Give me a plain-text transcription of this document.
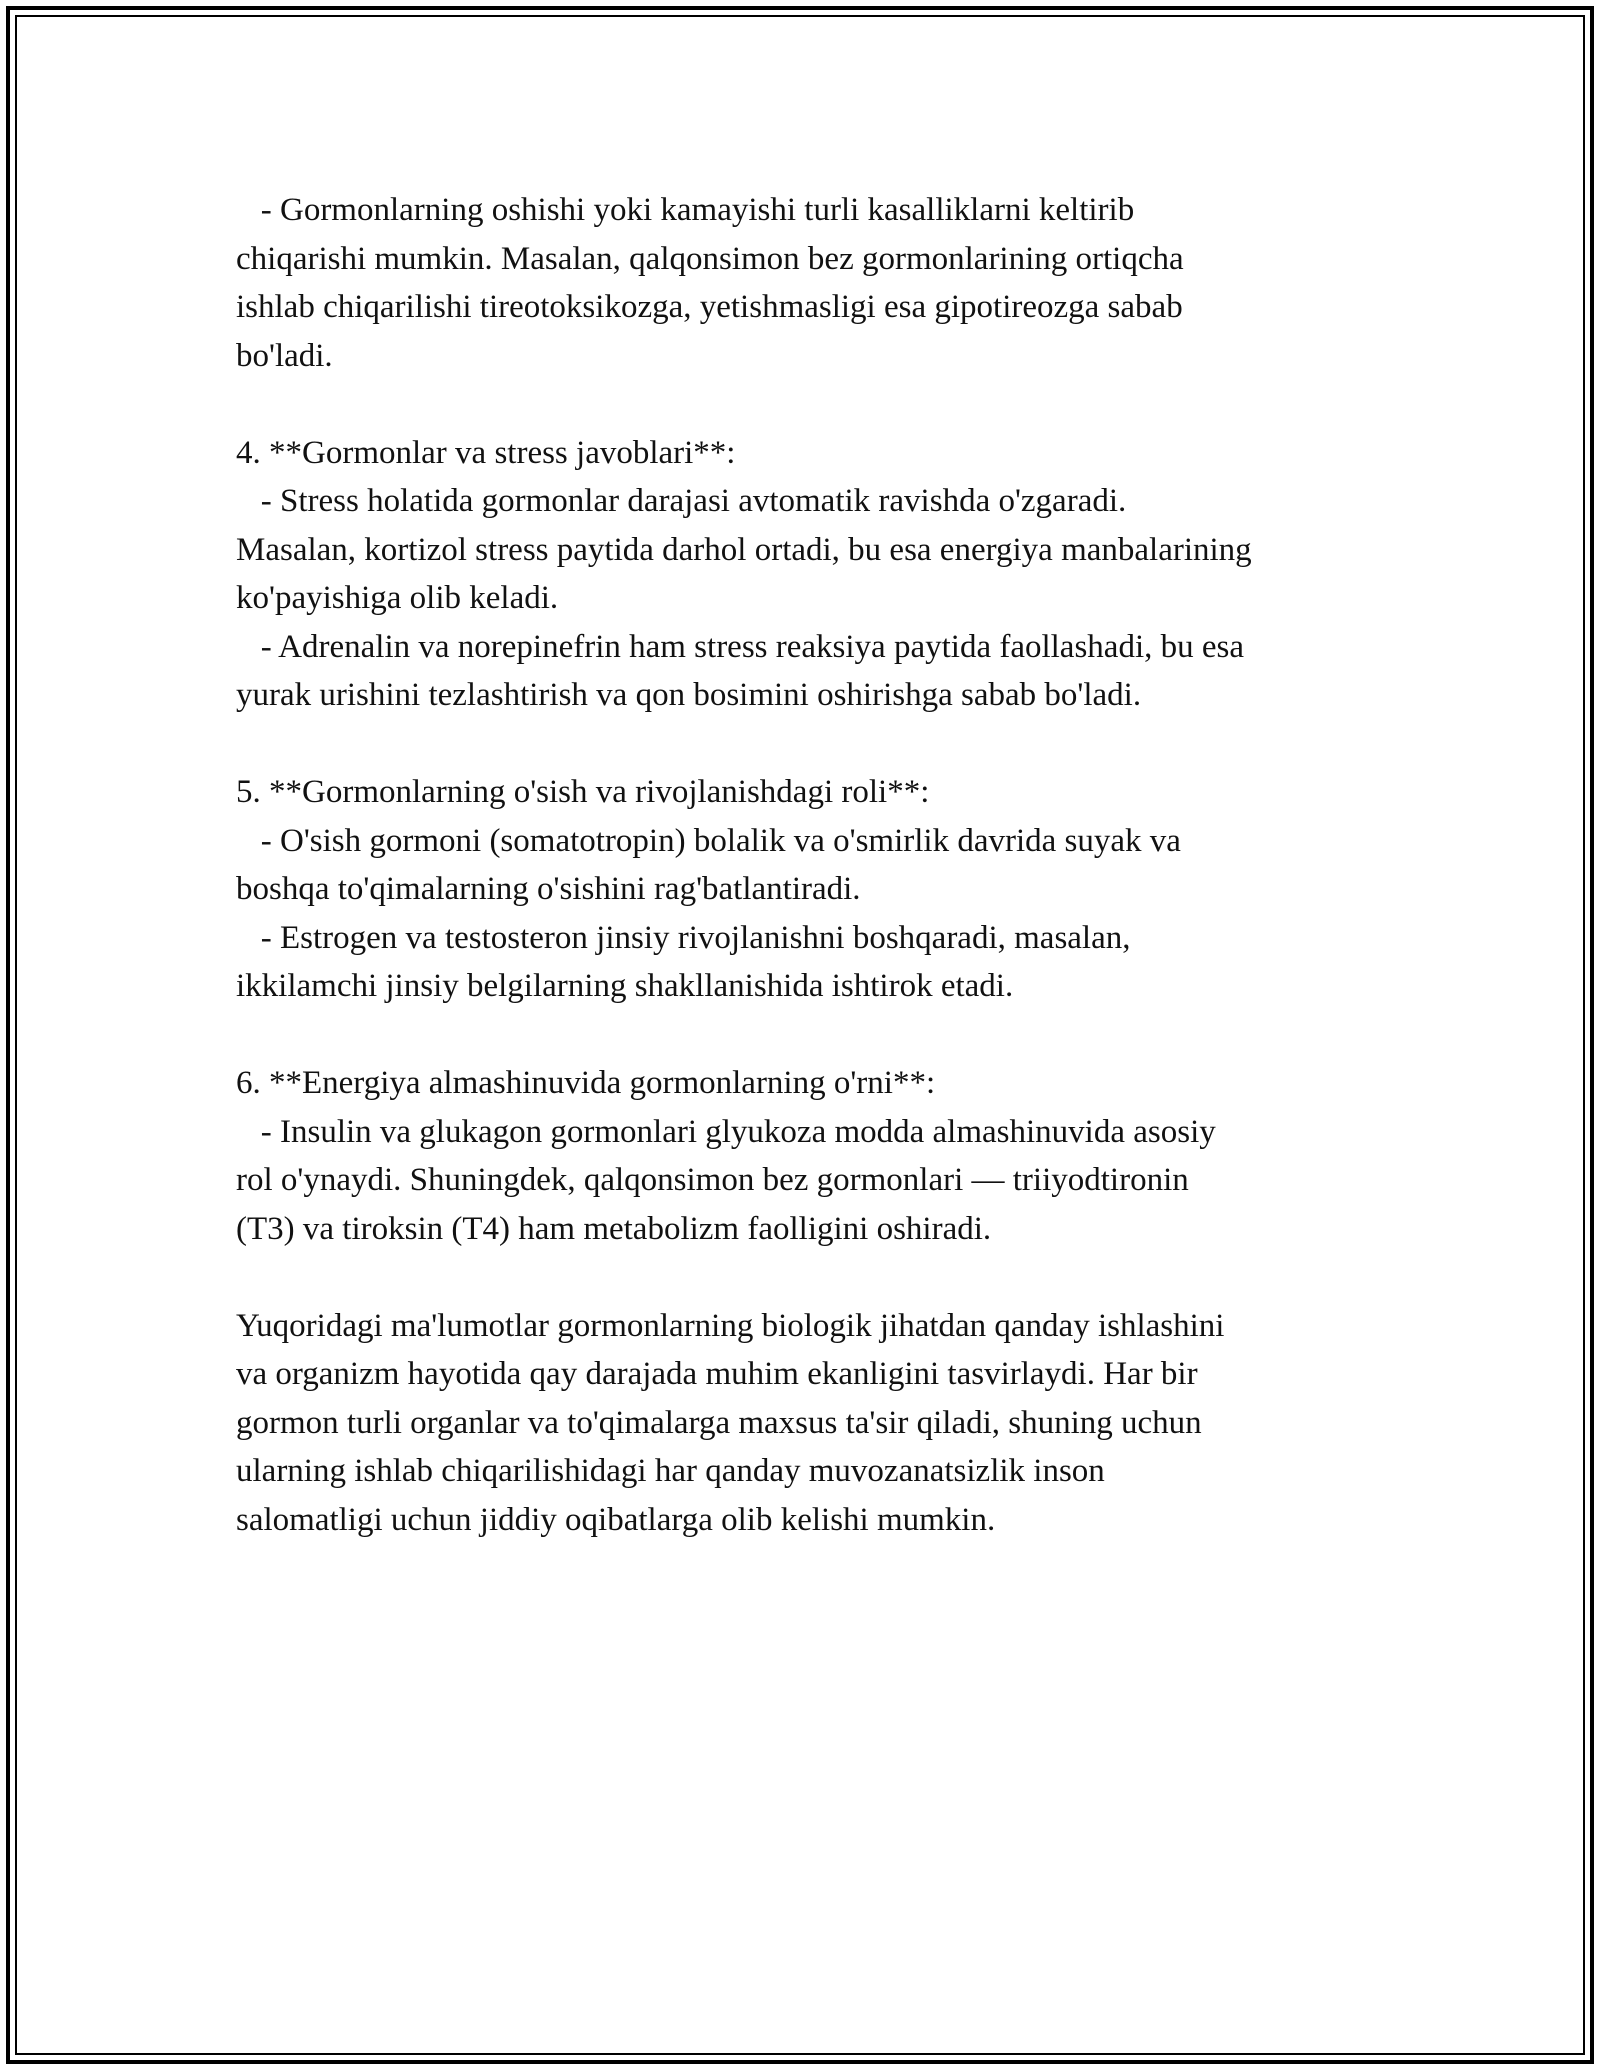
- Gormonlarning oshishi yoki kamayishi turli kasalliklarni keltirib
chiqarishi mumkin. Masalan, qalqonsimon bez gormonlarining ortiqcha
ishlab chiqarilishi tireotoksikozga, yetishmasligi esa gipotireozga sabab
bo'ladi.
4. **Gormonlar va stress javoblari**:
- Stress holatida gormonlar darajasi avtomatik ravishda o'zgaradi.
Masalan, kortizol stress paytida darhol ortadi, bu esa energiya manbalarining
ko'payishiga olib keladi.
- Adrenalin va norepinefrin ham stress reaksiya paytida faollashadi, bu esa
yurak urishini tezlashtirish va qon bosimini oshirishga sabab bo'ladi.
5. **Gormonlarning o'sish va rivojlanishdagi roli**:
- O'sish gormoni (somatotropin) bolalik va o'smirlik davrida suyak va
boshqa to'qimalarning o'sishini rag'batlantiradi.
- Estrogen va testosteron jinsiy rivojlanishni boshqaradi, masalan,
ikkilamchi jinsiy belgilarning shakllanishida ishtirok etadi.
6. **Energiya almashinuvida gormonlarning o'rni**:
- Insulin va glukagon gormonlari glyukoza modda almashinuvida asosiy
rol o'ynaydi. Shuningdek, qalqonsimon bez gormonlari — triiyodtironin
(T3) va tiroksin (T4) ham metabolizm faolligini oshiradi.
Yuqoridagi ma'lumotlar gormonlarning biologik jihatdan qanday ishlashini
va organizm hayotida qay darajada muhim ekanligini tasvirlaydi. Har bir
gormon turli organlar va to'qimalarga maxsus ta'sir qiladi, shuning uchun
ularning ishlab chiqarilishidagi har qanday muvozanatsizlik inson
salomatligi uchun jiddiy oqibatlarga olib kelishi mumkin.
